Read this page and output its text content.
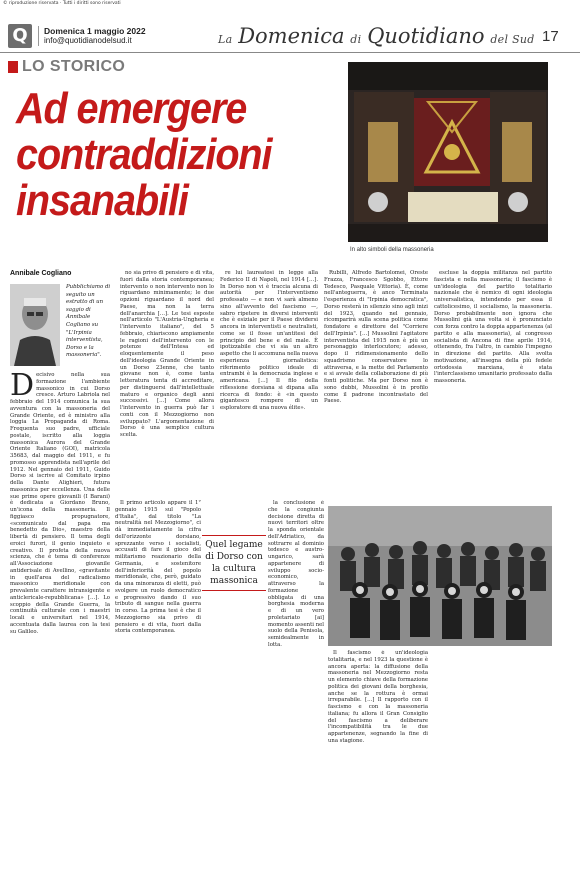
© riproduzione riservata · Tutti i diritti sono riservati
Q	Domenica 1 maggio 2022
info@quotidianodelsud.it	La Domenica di Quotidiano del Sud 17
LO STORICO
Ad emergere
contraddizioni
insanabili
In alto simboli della massoneria
Annibale Cogliano
Pubblichiamo di seguito un estratto di un saggio di Annibale Cogliano su "L'Irpinia interventista, Dorso e la massoneria".
D ecisivo nella sua formazione l'ambiente massonico in cui Dorso cresce. Arturo Labriola nel febbraio del 1914 comunica la sua avventura con la massoneria del Grande Oriente, ed è ministro alla loggia La Propaganda di Roma. Frequenta suo padre, ufficiale postale, iscritto alla loggia massonica Aurora del Grande Oriente Italiano (GOI), matricola 35683, dal maggio del 1911, e fu promosso apprendista nell'aprile del 1912. Nel gennaio del 1911, Guido Dorso si iscrive al Comitato irpino della Dante Alighieri, futura massonica per eccellenza. Una delle sue prime opere giovanili (I Barani) è dedicata a Giordano Bruno, un'icona della massoneria. Il figgiasco propugnatore, «scomunicato dal papa ma benedetto da Dio», maestro della libertà di pensiero. Il tema degli eroici furori, il genio inquieto e creativo. Il profeta della nuova scienza, che è tema di conferenze all'Associazione giovanile antiderisale di Avellino, «gravitante in quell'area del radicalismo massonico meridionale con prevalente carattere intransigente e anticlericale-repubblicana» […]. Lo scoppio della Grande Guerra, la continuità culturale con i maestri locali e universitari nel 1914, accentuata dalla laurea con la tesi su Galileo.

Il primo articolo appare il 1° gennaio 1915 sul "Popolo d'Italia", dal titolo "La neutralità nel Mezzogiorno", ci dà immediatamente la cifra dell'orizzonte dorsiano, sprezzante verso i socialisti, accusati di fare il gioco del militarismo reazionario della Germania, e sostenitore dell'inferiorità del popolo meridionale, che, però, guidato da una minoranza di eletti, può svolgere un ruolo democratico e progressivo dando il suo tributo di sangue nella guerra in corso. La prima tesi è che il Mezzogiorno sia privo di pensiero e di vita, fuori dalla storia contemporanea.

no sia privo di pensiero e di vita, fuori dalla storia contemporanea; intervento o non intervento non lo riguardano minimamente; le due opzioni riguardano il nord del Paese, ma non la terra dell'anarchia […]. Le tesi esposte nell'articolo "L'Austria-Ungheria e l'intervento italiano", del 5 febbraio, chiariscono ampiamente le ragioni dell'intervento con le potenze dell'Intesa ed eloquentemente il peso dell'ideologia Grande Oriente in un Dorso 23enne, che tanto giovane non è, come tanta letteratura tenta di accreditare, per distinguersi dall'intellettuale maturo e organico degli anni successivi. […] Come allora l'intervento in guerra può far i conti con il Mezzogiorno non sviluppato? L'argomentazione di Dorso è una semplice cultura scelta.

re lui laureatosi in legge alla Federico II di Napoli, nel 1914 […]. In Dorso non vi è traccia alcuna di autorità per l'interventismo professato — e non vi sarà almeno sino all'avvento del fascismo —, sabro ripetere in diversi interventi che è esiziale per il Paese dividersi ancora in interventisti e neutralisti, come se il fosse un'antitesi del principio del bene e del male. È ipotizzabile che vi sia un altro aspetto che li accomuna nella nuova esperienza giornalistica: riferimento politico ideale di entrambi è la democrazia inglese e americana. […] Il filo della riflessione dorsiana si dipana alla ricerca di fondo: è «in questo gigantesco rompere di un esploratore di una nuova élite».

Rubilli, Alfredo Bartolomei, Oreste Frazza, Francesco Sgobbo, Ettore Tedesco, Pasquale Vittoria). È, come nell'anteguerra, è anco Terminata l'esperienza di "Irpinia democratica", Dorso resterà in silenzio sino agli inizi del 1923, quando nel gennaio, ricomparirà sulla scena politica come fondatore e direttore del "Corriere dell'Irpinia". […] Mussolini l'agitatore interventista del 1915 non è più un personaggio interlocutore; adesso, dopo il ridimensionamento dello squadrismo conservatore lo attraversa, e la mette del Parlamento e si avvale della collaborazione di più fonti politiche. Ma per Dorso non è sono dubbi, Mussolini è in profilo come il padrone incontrastato del Paese.

escluse la doppia militanza nel partito fascista e nella massoneria; il fascismo è un'ideologia del partito totalitario nazionale che è nemico di ogni ideologia universalistica, intendendo per essa il cattolicesimo, il socialismo, la massoneria. Dorso probabilmente non ignora che Mussolini già una volta si è pronunciato con forza contro la doppia appartenenza (al partito e alla massoneria), al congresso socialista di Ancona di fine aprile 1914, ottenendo, fra l'altro, in cambio l'impegno in direzione del partito. Alla svolta motivazione, all'insegna della più fedele ortodossia marxiana, è stata l'interclassismo umanitario professato dalla massoneria.

Quel legame di Dorso con la cultura massonica

la conclusione è che la congiunta decisione diretta di nuovi territori oltre la sponda orientale dell'Adriatico, da sottrarre al dominio tedesco e austro-ungarico, sarà appartenere di sviluppo socio-economico, attraverso la formazione obbligata di una borghesia moderna e di un vero proletariato [ai] momento assenti nel suolo della Penisola, semidealmente in lotta.

Il fascismo è un'ideologia totalitaria, e nel 1923 la questione è ancora aperta: la diffusione della massoneria nel Mezzogiorno resta un elemento chiave della formazione politica dei giovani della borghesia, anche se la rottura è ormai irreparabile. […] Il rapporto con il fascismo e con la massoneria italiana; fu allora il Gran Consiglio del fascismo a deliberare l'incompatibilità tra le due appartenenze, segnando la fine di una stagione.
